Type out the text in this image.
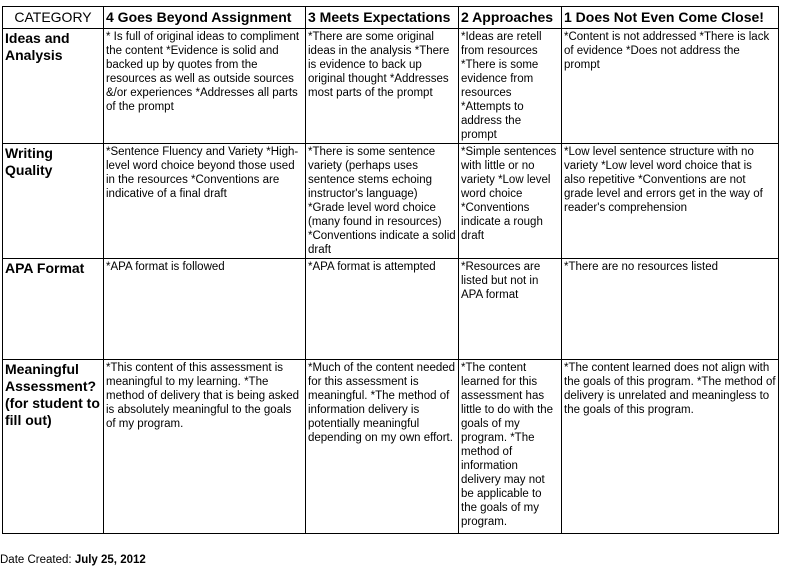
CATEGORY	4 Goes Beyond Assignment	3 Meets Expectations	2 Approaches	1 Does Not Even Come Close!
Ideas and Analysis	* Is full of original ideas to compliment the content *Evidence is solid and backed up by quotes from the resources as well as outside sources &/or experiences *Addresses all parts of the prompt	*There are some original ideas in the analysis *There is evidence to back up original thought *Addresses most parts of the prompt	*Ideas are retell from resources *There is some evidence from resources *Attempts to address the prompt	*Content is not addressed *There is lack of evidence *Does not address the prompt
Writing Quality	*Sentence Fluency and Variety *High-level word choice beyond those used in the resources *Conventions are indicative of a final draft	*There is some sentence variety (perhaps uses sentence stems echoing instructor's language) *Grade level word choice (many found in resources) *Conventions indicate a solid draft	*Simple sentences with little or no variety *Low level word choice *Conventions indicate a rough draft	*Low level sentence structure with no variety *Low level word choice that is also repetitive *Conventions are not grade level and errors get in the way of reader's comprehension
APA Format	*APA format is followed	*APA format is attempted	*Resources are listed but not in APA format	*There are no resources listed
Meaningful Assessment? (for student to fill out)	*This content of this assessment is meaningful to my learning. *The method of delivery that is being asked is absolutely meaningful to the goals of my program.	*Much of the content needed for this assessment is meaningful. *The method of information delivery is potentially meaningful depending on my own effort.	*The content learned for this assessment has little to do with the goals of my program. *The method of information delivery may not be applicable to the goals of my program.	*The content learned does not align with the goals of this program. *The method of delivery is unrelated and meaningless to the goals of this program.
Date Created: July 25, 2012
